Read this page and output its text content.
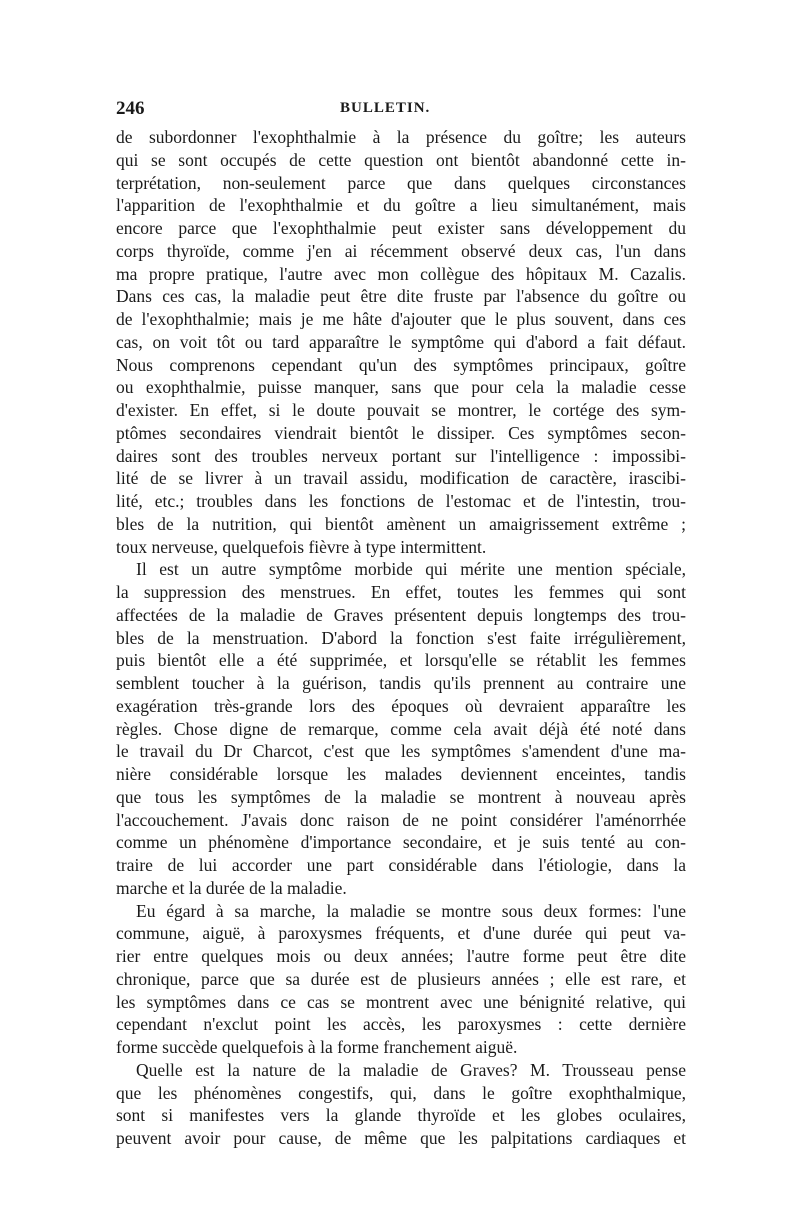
246	BULLETIN.
de subordonner l'exophthalmie à la présence du goître; les auteurs
qui se sont occupés de cette question ont bientôt abandonné cette in-
terprétation, non-seulement parce que dans quelques circonstances
l'apparition de l'exophthalmie et du goître a lieu simultanément, mais
encore parce que l'exophthalmie peut exister sans développement du
corps thyroïde, comme j'en ai récemment observé deux cas, l'un dans
ma propre pratique, l'autre avec mon collègue des hôpitaux M. Cazalis.
Dans ces cas, la maladie peut être dite fruste par l'absence du goître ou
de l'exophthalmie; mais je me hâte d'ajouter que le plus souvent, dans ces
cas, on voit tôt ou tard apparaître le symptôme qui d'abord a fait défaut.
Nous comprenons cependant qu'un des symptômes principaux, goître
ou exophthalmie, puisse manquer, sans que pour cela la maladie cesse
d'exister. En effet, si le doute pouvait se montrer, le cortége des sym-
ptômes secondaires viendrait bientôt le dissiper. Ces symptômes secon-
daires sont des troubles nerveux portant sur l'intelligence : impossibi-
lité de se livrer à un travail assidu, modification de caractère, irascibi-
lité, etc.; troubles dans les fonctions de l'estomac et de l'intestin, trou-
bles de la nutrition, qui bientôt amènent un amaigrissement extrême ;
toux nerveuse, quelquefois fièvre à type intermittent.
Il est un autre symptôme morbide qui mérite une mention spéciale,
la suppression des menstrues. En effet, toutes les femmes qui sont
affectées de la maladie de Graves présentent depuis longtemps des trou-
bles de la menstruation. D'abord la fonction s'est faite irrégulièrement,
puis bientôt elle a été supprimée, et lorsqu'elle se rétablit les femmes
semblent toucher à la guérison, tandis qu'ils prennent au contraire une
exagération très-grande lors des époques où devraient apparaître les
règles. Chose digne de remarque, comme cela avait déjà été noté dans
le travail du Dr Charcot, c'est que les symptômes s'amendent d'une ma-
nière considérable lorsque les malades deviennent enceintes, tandis
que tous les symptômes de la maladie se montrent à nouveau après
l'accouchement. J'avais donc raison de ne point considérer l'aménorrhée
comme un phénomène d'importance secondaire, et je suis tenté au con-
traire de lui accorder une part considérable dans l'étiologie, dans la
marche et la durée de la maladie.
Eu égard à sa marche, la maladie se montre sous deux formes: l'une
commune, aiguë, à paroxysmes fréquents, et d'une durée qui peut va-
rier entre quelques mois ou deux années; l'autre forme peut être dite
chronique, parce que sa durée est de plusieurs années ; elle est rare, et
les symptômes dans ce cas se montrent avec une bénignité relative, qui
cependant n'exclut point les accès, les paroxysmes : cette dernière
forme succède quelquefois à la forme franchement aiguë.
Quelle est la nature de la maladie de Graves? M. Trousseau pense
que les phénomènes congestifs, qui, dans le goître exophthalmique,
sont si manifestes vers la glande thyroïde et les globes oculaires,
peuvent avoir pour cause, de même que les palpitations cardiaques et
